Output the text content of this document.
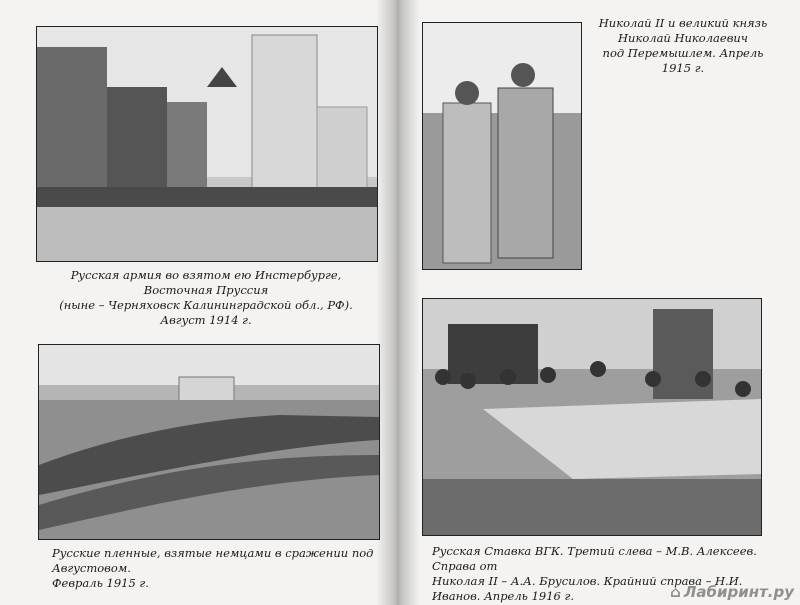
Русская армия во взятом ею Инстербурге, Восточная Пруссия
(ныне – Черняховск Калининградской обл., РФ).
Август 1914 г.
Николай II и великий князь
Николай Николаевич
под Перемышлем. Апрель 1915 г.
Русские пленные, взятые немцами в сражении под Августовом.
Февраль 1915 г.
Русская Ставка ВГК. Третий слева – М.В. Алексеев. Справа от
Николая II – А.А. Брусилов. Крайний справа – Н.И. Иванов. Апрель 1916 г.	⌂ Лабиринт.ру
